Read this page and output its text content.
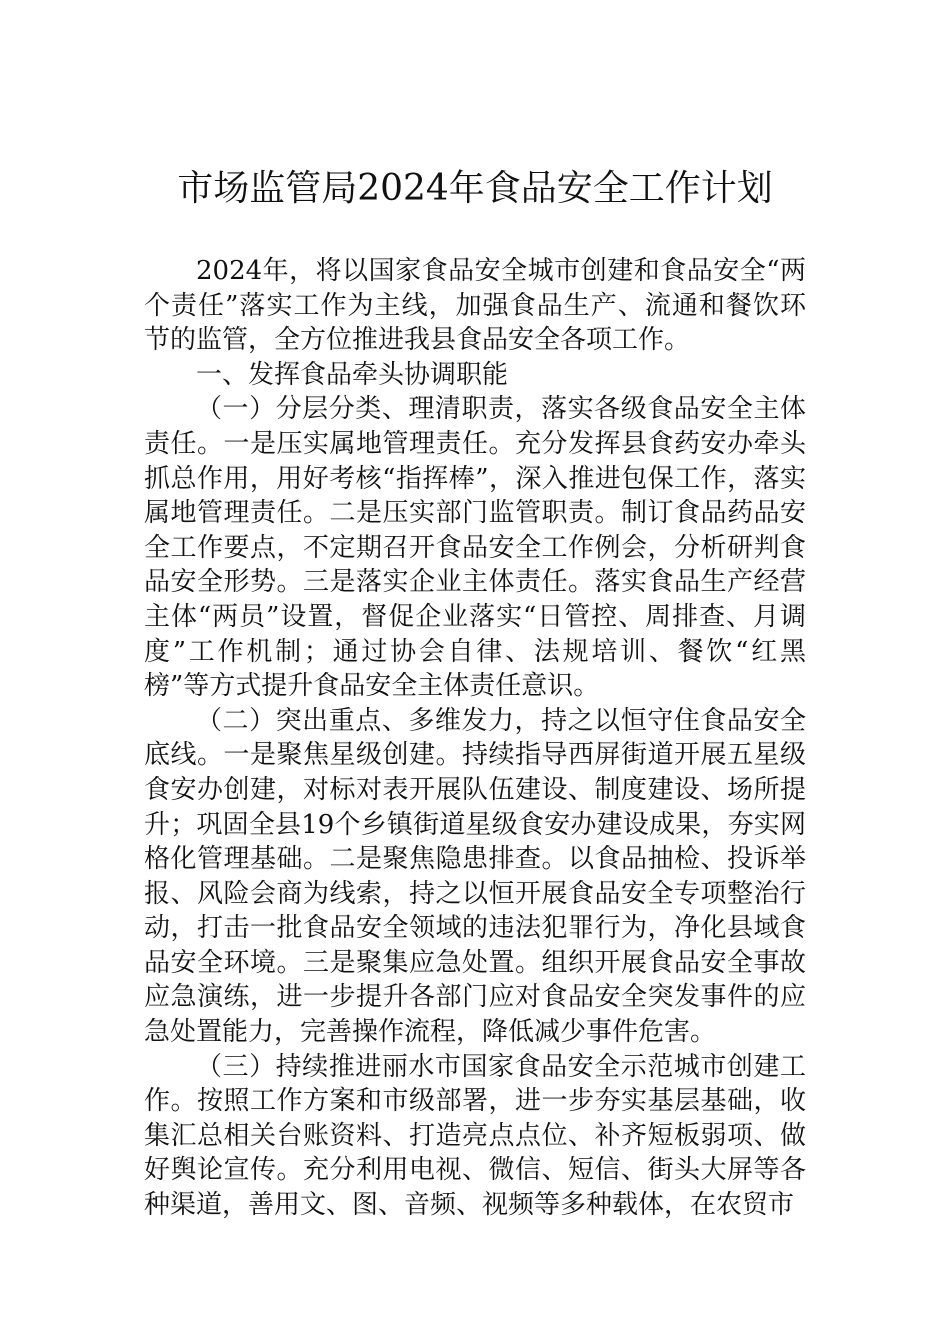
市场监管局2024年食品安全工作计划

2024年，将以国家食品安全城市创建和食品安全“两个责任”落实工作为主线，加强食品生产、流通和餐饮环节的监管，全方位推进我县食品安全各项工作。

一、发挥食品牵头协调职能

（一）分层分类、理清职责，落实各级食品安全主体责任。一是压实属地管理责任。充分发挥县食药安办牵头抓总作用，用好考核“指挥棒”，深入推进包保工作，落实属地管理责任。二是压实部门监管职责。制订食品药品安全工作要点，不定期召开食品安全工作例会，分析研判食品安全形势。三是落实企业主体责任。落实食品生产经营主体“两员”设置，督促企业落实“日管控、周排查、月调度”工作机制；通过协会自律、法规培训、餐饮“红黑榜”等方式提升食品安全主体责任意识。

（二）突出重点、多维发力，持之以恒守住食品安全底线。一是聚焦星级创建。持续指导西屏街道开展五星级食安办创建，对标对表开展队伍建设、制度建设、场所提升；巩固全县19个乡镇街道星级食安办建设成果，夯实网格化管理基础。二是聚焦隐患排查。以食品抽检、投诉举报、风险会商为线索，持之以恒开展食品安全专项整治行动，打击一批食品安全领域的违法犯罪行为，净化县域食品安全环境。三是聚集应急处置。组织开展食品安全事故应急演练，进一步提升各部门应对食品安全突发事件的应急处置能力，完善操作流程，降低减少事件危害。

（三）持续推进丽水市国家食品安全示范城市创建工作。按照工作方案和市级部署，进一步夯实基层基础，收集汇总相关台账资料、打造亮点点位、补齐短板弱项、做好舆论宣传。充分利用电视、微信、短信、街头大屏等各种渠道，善用文、图、音频、视频等多种载体，在农贸市
